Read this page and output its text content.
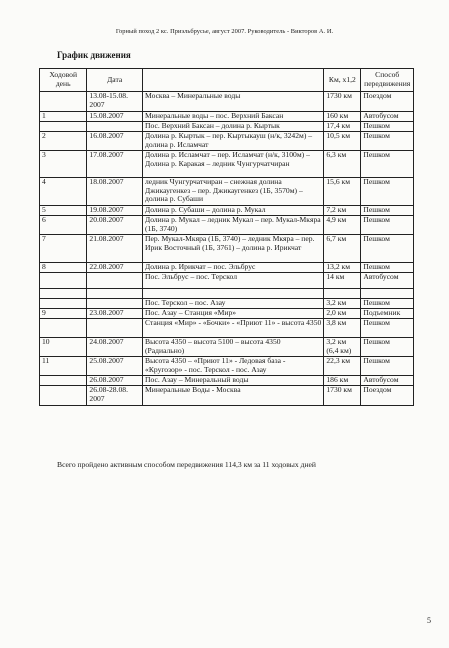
Горный поход 2 кс. Приэльбрусье, август 2007. Руководитель - Викторов А. И.
График движения
Ходовой день	Дата		Км, х1,2	Способ передвижения
	13.08-15.08. 2007	Москва – Минеральные воды	1730 км	Поездом
1	15.08.2007	Минеральные воды – пос. Верхний Баксан	160 км	Автобусом
		Пос. Верхний Баксан – долина р. Кыртык	17,4 км	Пешком
2	16.08.2007	Долина р. Кыртык – пер. Кыртыкауш (н/к, 3242м) – долина р. Исламчат	10,5 км	Пешком
3	17.08.2007	Долина р. Исламчат – пер. Исламчат (н/к, 3100м) – Долина р. Каракая – ледник Чунгурчатчиран	6,3 км	Пешком
4	18.08.2007	ледник Чунгурчатчиран – снежная долина Джикаугенкез – пер. Джикаугенкез (1Б, 3570м) – долина р. Субаши	15,6 км	Пешком
5	19.08.2007	Долина р. Субаши – долина р. Мукал	7,2 км	Пешком
6	20.08.2007	Долина р. Мукал – ледник Мукал – пер. Мукал-Мкяра (1Б, 3740)	4,9 км	Пешком
7	21.08.2007	Пер. Мукал-Мкяра (1Б, 3740) – ледник Мкяра – пер. Ирик Восточный (1Б, 3761) – долина р. Ирикчат	6,7 км	Пешком
8	22.08.2007	Долина р. Ирикчат – пос. Эльбрус	13,2 км	Пешком
		Пос. Эльбрус – пос. Терскол	14 км	Автобусом

		Пос. Терскол – пос. Азау	3,2 км	Пешком
9	23.08.2007	Пос. Азау – Станция «Мир»	2,0 км	Подъемник
		Станция «Мир» - «Бочки» - «Приют 11» - высота 4350	3,8 км	Пешком
10	24.08.2007	Высота 4350 – высота 5100 – высота 4350 (Радиально)	3,2 км (6,4 км)	Пешком
11	25.08.2007	Высота 4350 – «Приют 11» - Ледовая база - «Кругозор» - пос. Терскол - пос. Азау	22,3 км	Пешком
	26.08.2007	Пос. Азау – Минеральный воды	186 км	Автобусом
	26.08-28.08. 2007	Минеральные Воды - Москва	1730 км	Поездом
Всего пройдено активным способом передвижения 114,3 км за 11 ходовых дней
5
